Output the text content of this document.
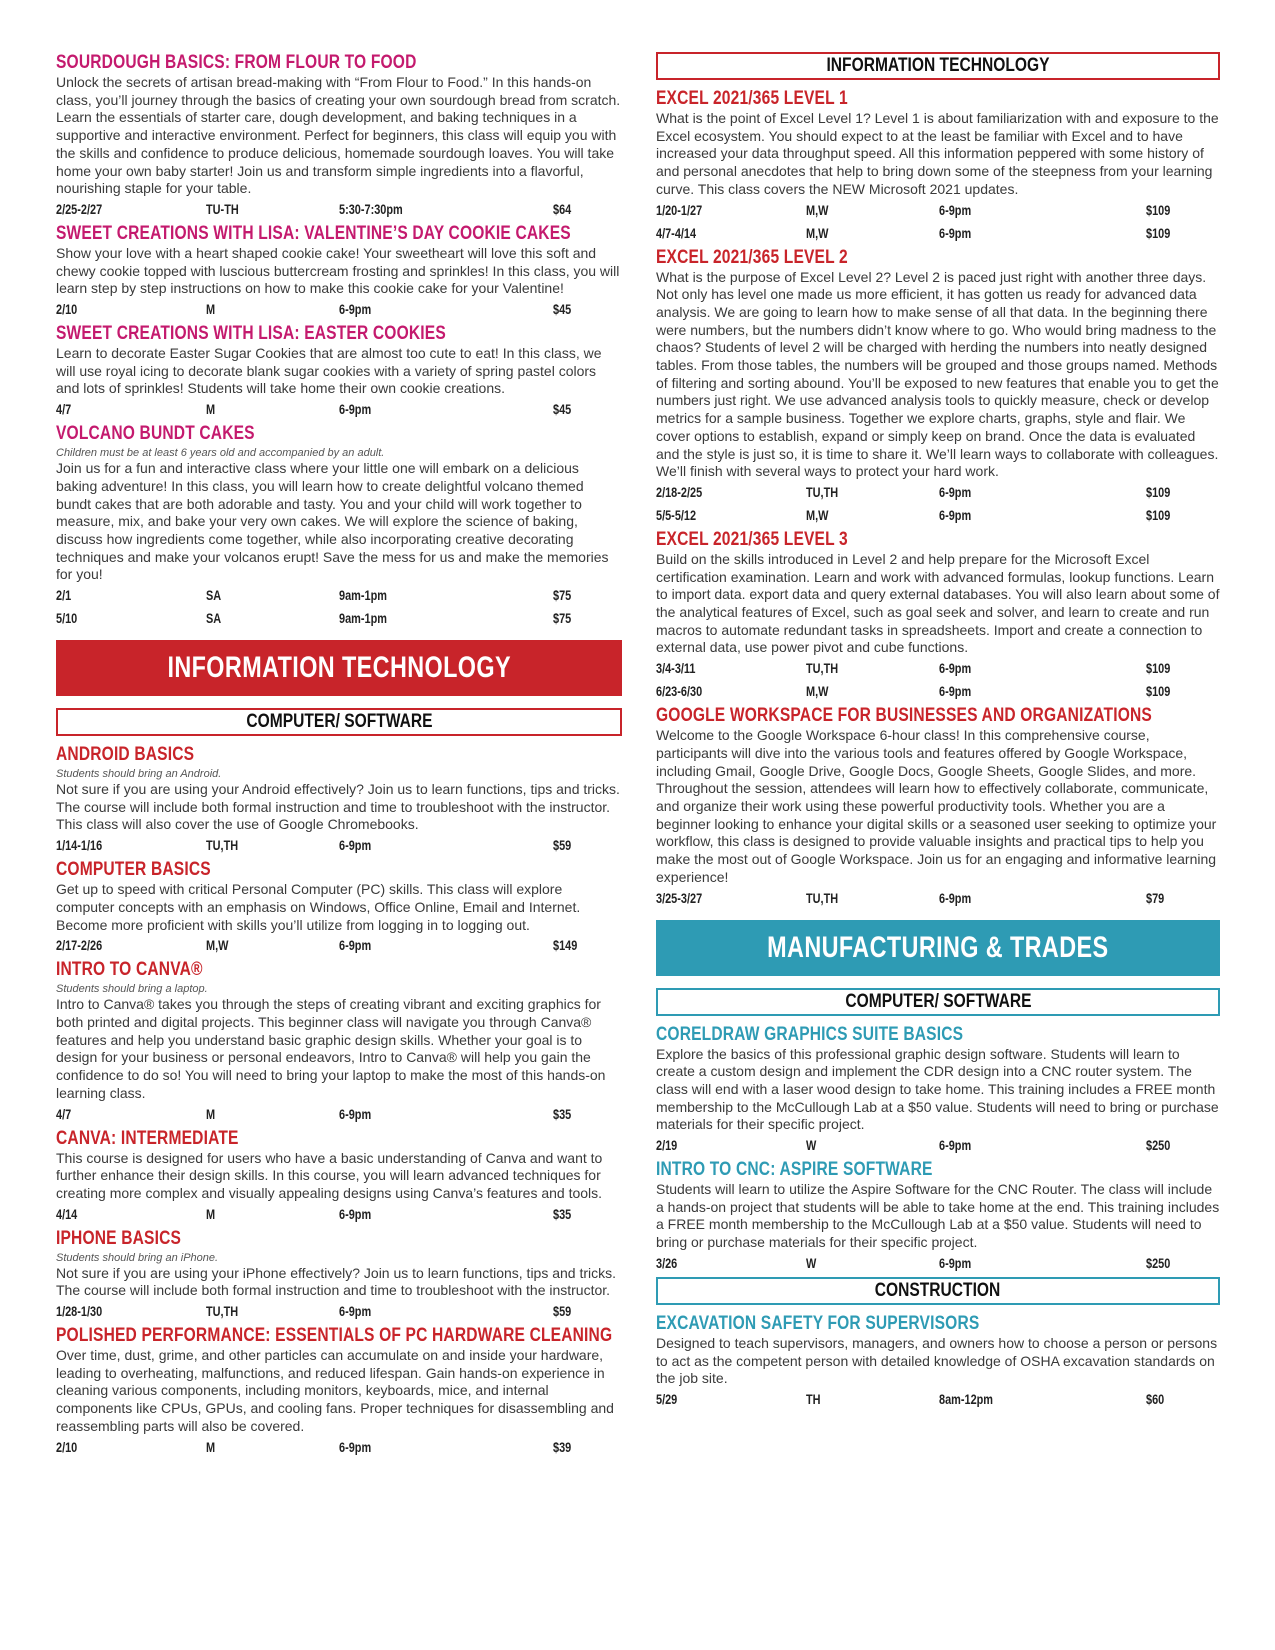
SOURDOUGH BASICS: FROM FLOUR TO FOOD
Unlock the secrets of artisan bread-making with “From Flour to Food.” In this hands-on class, you’ll journey through the basics of creating your own sourdough bread from scratch. Learn the essentials of starter care, dough development, and baking techniques in a supportive and interactive environment. Perfect for beginners, this class will equip you with the skills and confidence to produce delicious, homemade sourdough loaves. You will take home your own baby starter! Join us and transform simple ingredients into a flavorful, nourishing staple for your table.
2/25-2/27	TU-TH	5:30-7:30pm	$64
SWEET CREATIONS WITH LISA: VALENTINE’S DAY COOKIE CAKES
Show your love with a heart shaped cookie cake! Your sweetheart will love this soft and chewy cookie topped with luscious buttercream frosting and sprinkles! In this class, you will learn step by step instructions on how to make this cookie cake for your Valentine!
2/10	M	6-9pm	$45
SWEET CREATIONS WITH LISA: EASTER COOKIES
Learn to decorate Easter Sugar Cookies that are almost too cute to eat! In this class, we will use royal icing to decorate blank sugar cookies with a variety of spring pastel colors and lots of sprinkles! Students will take home their own cookie creations.
4/7	M	6-9pm	$45
VOLCANO BUNDT CAKES
Children must be at least 6 years old and accompanied by an adult.
Join us for a fun and interactive class where your little one will embark on a delicious baking adventure! In this class, you will learn how to create delightful volcano themed bundt cakes that are both adorable and tasty. You and your child will work together to measure, mix, and bake your very own cakes. We will explore the science of baking, discuss how ingredients come together, while also incorporating creative decorating techniques and make your volcanos erupt! Save the mess for us and make the memories for you!
2/1	SA	9am-1pm	$75
5/10	SA	9am-1pm	$75
INFORMATION TECHNOLOGY
COMPUTER/ SOFTWARE
ANDROID BASICS
Students should bring an Android.
Not sure if you are using your Android effectively? Join us to learn functions, tips and tricks. The course will include both formal instruction and time to troubleshoot with the instructor. This class will also cover the use of Google Chromebooks.
1/14-1/16	TU,TH	6-9pm	$59
COMPUTER BASICS
Get up to speed with critical Personal Computer (PC) skills. This class will explore computer concepts with an emphasis on Windows, Office Online, Email and Internet. Become more proficient with skills you’ll utilize from logging in to logging out.
2/17-2/26	M,W	6-9pm	$149
INTRO TO CANVA®
Students should bring a laptop.
Intro to Canva® takes you through the steps of creating vibrant and exciting graphics for both printed and digital projects. This beginner class will navigate you through Canva® features and help you understand basic graphic design skills. Whether your goal is to design for your business or personal endeavors, Intro to Canva® will help you gain the confidence to do so! You will need to bring your laptop to make the most of this hands-on learning class.
4/7	M	6-9pm	$35
CANVA: INTERMEDIATE
This course is designed for users who have a basic understanding of Canva and want to further enhance their design skills. In this course, you will learn advanced techniques for creating more complex and visually appealing designs using Canva’s features and tools.
4/14	M	6-9pm	$35
IPHONE BASICS
Students should bring an iPhone.
Not sure if you are using your iPhone effectively? Join us to learn functions, tips and tricks. The course will include both formal instruction and time to troubleshoot with the instructor.
1/28-1/30	TU,TH	6-9pm	$59
POLISHED PERFORMANCE: ESSENTIALS OF PC HARDWARE CLEANING
Over time, dust, grime, and other particles can accumulate on and inside your hardware, leading to overheating, malfunctions, and reduced lifespan. Gain hands-on experience in cleaning various components, including monitors, keyboards, mice, and internal components like CPUs, GPUs, and cooling fans. Proper techniques for disassembling and reassembling parts will also be covered.
2/10	M	6-9pm	$39
INFORMATION TECHNOLOGY
EXCEL 2021/365 LEVEL 1
What is the point of Excel Level 1? Level 1 is about familiarization with and exposure to the Excel ecosystem. You should expect to at the least be familiar with Excel and to have increased your data throughput speed. All this information peppered with some history of and personal anecdotes that help to bring down some of the steepness from your learning curve. This class covers the NEW Microsoft 2021 updates.
1/20-1/27	M,W	6-9pm	$109
4/7-4/14	M,W	6-9pm	$109
EXCEL 2021/365 LEVEL 2
What is the purpose of Excel Level 2? Level 2 is paced just right with another three days. Not only has level one made us more efficient, it has gotten us ready for advanced data analysis. We are going to learn how to make sense of all that data. In the beginning there were numbers, but the numbers didn’t know where to go. Who would bring madness to the chaos? Students of level 2 will be charged with herding the numbers into neatly designed tables. From those tables, the numbers will be grouped and those groups named. Methods of filtering and sorting abound. You’ll be exposed to new features that enable you to get the numbers just right. We use advanced analysis tools to quickly measure, check or develop metrics for a sample business. Together we explore charts, graphs, style and flair. We cover options to establish, expand or simply keep on brand. Once the data is evaluated and the style is just so, it is time to share it. We’ll learn ways to collaborate with colleagues. We’ll finish with several ways to protect your hard work.
2/18-2/25	TU,TH	6-9pm	$109
5/5-5/12	M,W	6-9pm	$109
EXCEL 2021/365 LEVEL 3
Build on the skills introduced in Level 2 and help prepare for the Microsoft Excel certification examination. Learn and work with advanced formulas, lookup functions. Learn to import data. export data and query external databases. You will also learn about some of the analytical features of Excel, such as goal seek and solver, and learn to create and run macros to automate redundant tasks in spreadsheets. Import and create a connection to external data, use power pivot and cube functions.
3/4-3/11	TU,TH	6-9pm	$109
6/23-6/30	M,W	6-9pm	$109
GOOGLE WORKSPACE FOR BUSINESSES AND ORGANIZATIONS
Welcome to the Google Workspace 6-hour class! In this comprehensive course, participants will dive into the various tools and features offered by Google Workspace, including Gmail, Google Drive, Google Docs, Google Sheets, Google Slides, and more. Throughout the session, attendees will learn how to effectively collaborate, communicate, and organize their work using these powerful productivity tools. Whether you are a beginner looking to enhance your digital skills or a seasoned user seeking to optimize your workflow, this class is designed to provide valuable insights and practical tips to help you make the most out of Google Workspace. Join us for an engaging and informative learning experience!
3/25-3/27	TU,TH	6-9pm	$79
MANUFACTURING & TRADES
COMPUTER/ SOFTWARE
CORELDRAW GRAPHICS SUITE BASICS
Explore the basics of this professional graphic design software. Students will learn to create a custom design and implement the CDR design into a CNC router system. The class will end with a laser wood design to take home. This training includes a FREE month membership to the McCullough Lab at a $50 value. Students will need to bring or purchase materials for their specific project.
2/19	W	6-9pm	$250
INTRO TO CNC: ASPIRE SOFTWARE
Students will learn to utilize the Aspire Software for the CNC Router. The class will include a hands-on project that students will be able to take home at the end. This training includes a FREE month membership to the McCullough Lab at a $50 value. Students will need to bring or purchase materials for their specific project.
3/26	W	6-9pm	$250
CONSTRUCTION
EXCAVATION SAFETY FOR SUPERVISORS
Designed to teach supervisors, managers, and owners how to choose a person or persons to act as the competent person with detailed knowledge of OSHA excavation standards on the job site.
5/29	TH	8am-12pm	$60
